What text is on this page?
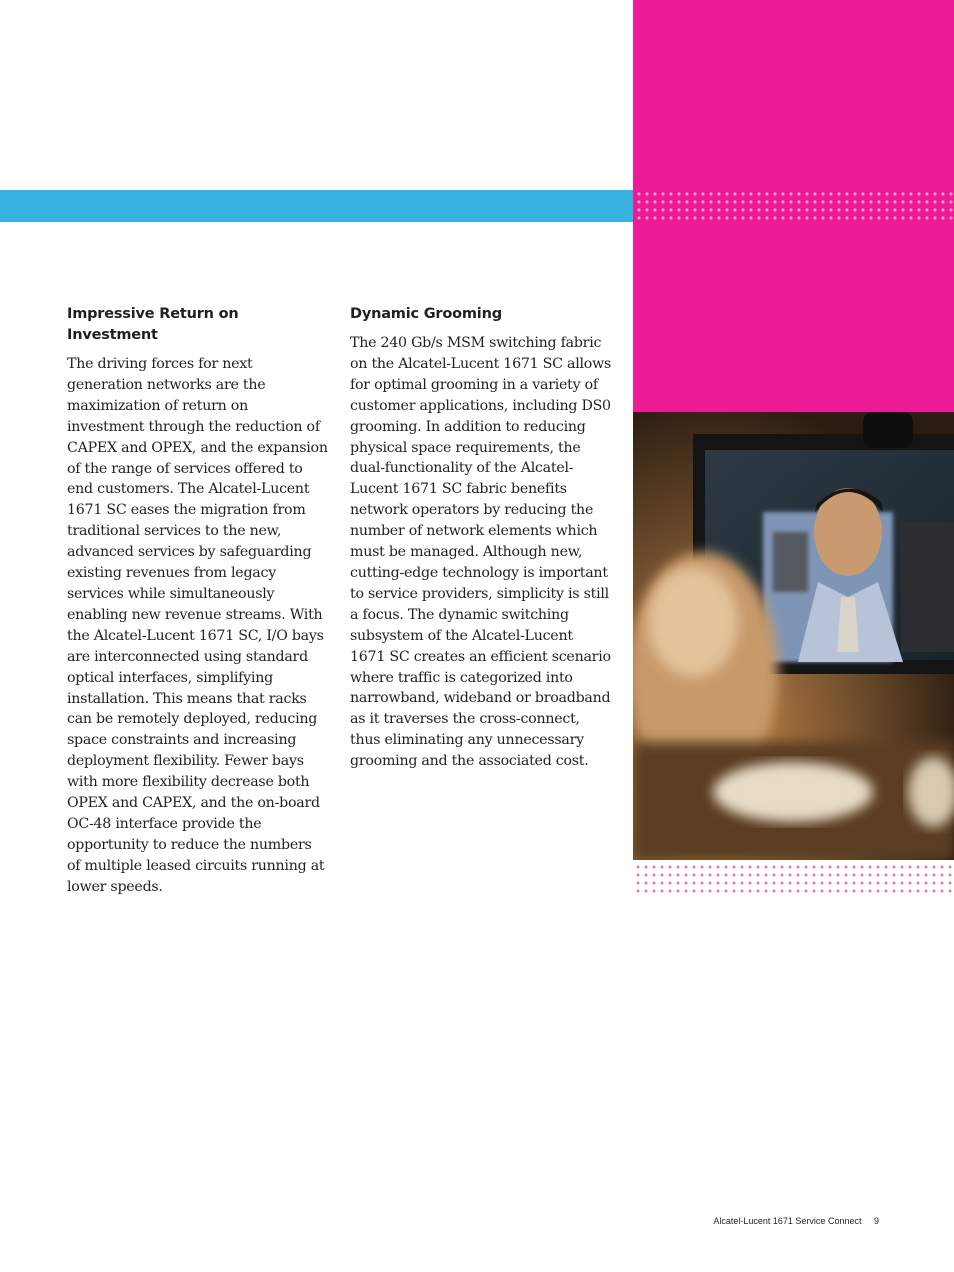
Impressive Return on Investment

The driving forces for next generation networks are the maximization of return on investment through the reduction of CAPEX and OPEX, and the expansion of the range of services offered to end customers. The Alcatel-Lucent 1671 SC eases the migration from traditional services to the new, advanced services by safeguarding existing revenues from legacy services while simultaneously enabling new revenue streams. With the Alcatel-Lucent 1671 SC, I/O bays are interconnected using standard optical interfaces, simplifying installation. This means that racks can be remotely deployed, reducing space constraints and increasing deployment flexibility. Fewer bays with more flexibility decrease both OPEX and CAPEX, and the on-board OC-48 interface provide the opportunity to reduce the numbers of multiple leased circuits running at lower speeds.

Dynamic Grooming

The 240 Gb/s MSM switching fabric on the Alcatel-Lucent 1671 SC allows for optimal grooming in a variety of customer applications, including DS0 grooming. In addition to reducing physical space requirements, the dual-functionality of the Alcatel-Lucent 1671 SC fabric benefits network operators by reducing the number of network elements which must be managed. Although new, cutting-edge technology is important to service providers, simplicity is still a focus. The dynamic switching subsystem of the Alcatel-Lucent 1671 SC creates an efficient scenario where traffic is categorized into narrowband, wideband or broadband as it traverses the cross-connect, thus eliminating any unnecessary grooming and the associated cost.

Alcatel-Lucent 1671 Service Connect 9
